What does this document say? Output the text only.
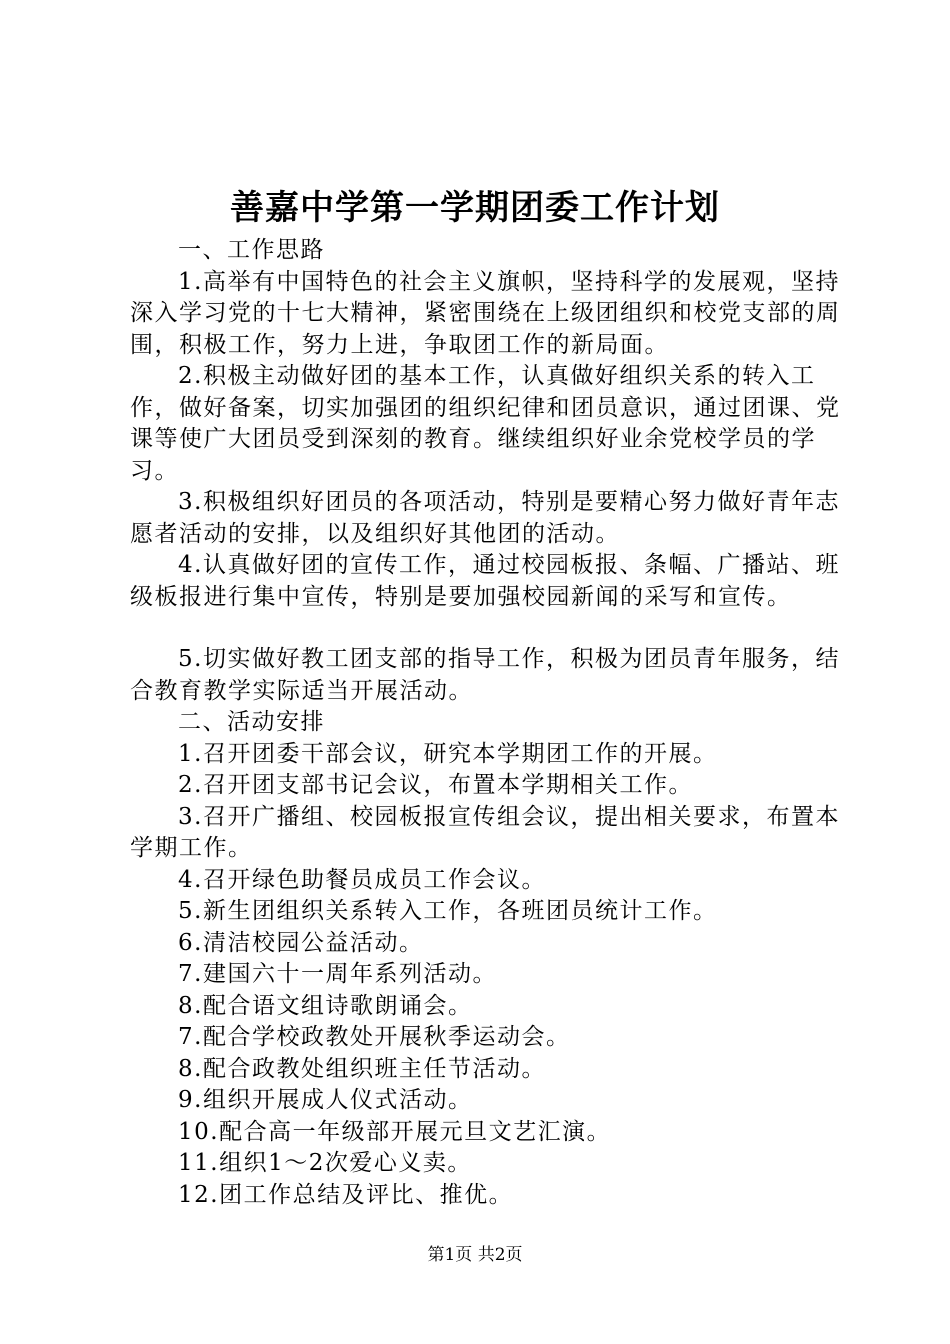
善嘉中学第一学期团委工作计划

一、工作思路

1.高举有中国特色的社会主义旗帜，坚持科学的发展观，坚持深入学习党的十七大精神，紧密围绕在上级团组织和校党支部的周围，积极工作，努力上进，争取团工作的新局面。

2.积极主动做好团的基本工作，认真做好组织关系的转入工作，做好备案，切实加强团的组织纪律和团员意识，通过团课、党课等使广大团员受到深刻的教育。继续组织好业余党校学员的学习。

3.积极组织好团员的各项活动，特别是要精心努力做好青年志愿者活动的安排，以及组织好其他团的活动。

4.认真做好团的宣传工作，通过校园板报、条幅、广播站、班级板报进行集中宣传，特别是要加强校园新闻的采写和宣传。

5.切实做好教工团支部的指导工作，积极为团员青年服务，结合教育教学实际适当开展活动。

二、活动安排

1.召开团委干部会议，研究本学期团工作的开展。

2.召开团支部书记会议，布置本学期相关工作。

3.召开广播组、校园板报宣传组会议，提出相关要求，布置本学期工作。

4.召开绿色助餐员成员工作会议。

5.新生团组织关系转入工作，各班团员统计工作。

6.清洁校园公益活动。

7.建国六十一周年系列活动。

8.配合语文组诗歌朗诵会。

7.配合学校政教处开展秋季运动会。

8.配合政教处组织班主任节活动。

9.组织开展成人仪式活动。

10.配合高一年级部开展元旦文艺汇演。

11.组织1～2次爱心义卖。

12.团工作总结及评比、推优。

第1页 共2页
